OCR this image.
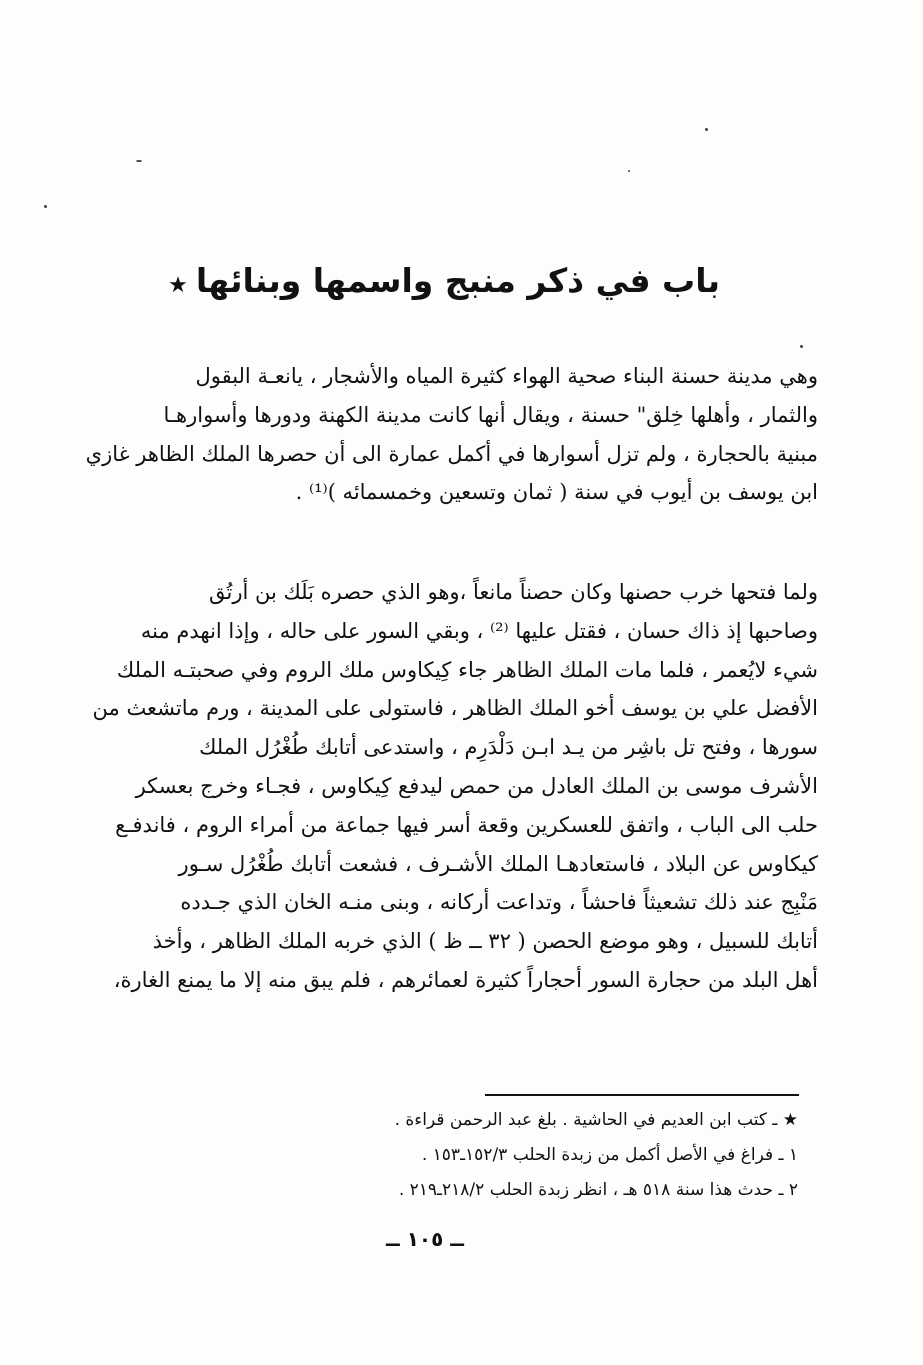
باب في ذكر منبج واسمها وبنائها★
وهي مدينة حسنة البناء صحية الهواء كثيرة المياه والأشجار ، يانعـة البقول
والثمار ، وأهلها خِلق" حسنة ، ويقال أنها كانت مدينة الكهنة ودورها وأسوارهـا
مبنية بالحجارة ، ولم تزل أسوارها في أكمل عمارة الى أن حصرها الملك الظاهر غازي
ابن يوسف بن أيوب في سنة ( ثمان وتسعين وخمسمائه )⁽¹⁾ .
ولما فتحها خرب حصنها وكان حصناً مانعاً ،وهو الذي حصره بَلَك بن أرتُق
وصاحبها إذ ذاك حسان ، فقتل عليها ⁽²⁾ ، وبقي السور على حاله ، وإذا انهدم منه
شيء لايُعمر ، فلما مات الملك الظاهر جاء كِيكاوس ملك الروم وفي صحبتـه الملك
الأفضل علي بن يوسف أخو الملك الظاهر ، فاستولى على المدينة ، ورم ماتشعث من
سورها ، وفتح تل باشِر من يـد ابـن دَلْدَرِم ، واستدعى أتابك طُغْرُل الملك
الأشرف موسى بن الملك العادل من حمص ليدفع كِيكاوس ، فجـاء وخرج بعسكر
حلب الى الباب ، واتفق للعسكرين وقعة أسر فيها جماعة من أمراء الروم ، فاندفـع
كيكاوس عن البلاد ، فاستعادهـا الملك الأشـرف ، فشعت أتابك طُغْرُل سـور
مَنْبِج عند ذلك تشعيثاً فاحشاً ، وتداعت أركانه ، وبنى منـه الخان الذي جـدده
أتابك للسبيل ، وهو موضع الحصن ( ٣٢ ــ ظ ) الذي خربه الملك الظاهر ، وأخذ
أهل البلد من حجارة السور أحجاراً كثيرة لعمائرهم ، فلم يبق منه إلا ما يمنع الغارة،
★ ـ كتب ابن العديم في الحاشية . بلغ عبد الرحمن قراءة .
١ ـ فراغ في الأصل أكمل من زبدة الحلب ١٥٢/٣ـ١٥٣ .
٢ ـ حدث هذا سنة ٥١٨ هـ ، انظر زبدة الحلب ٢١٨/٢ـ٢١٩ .
ــ ١٠٥ ــ
